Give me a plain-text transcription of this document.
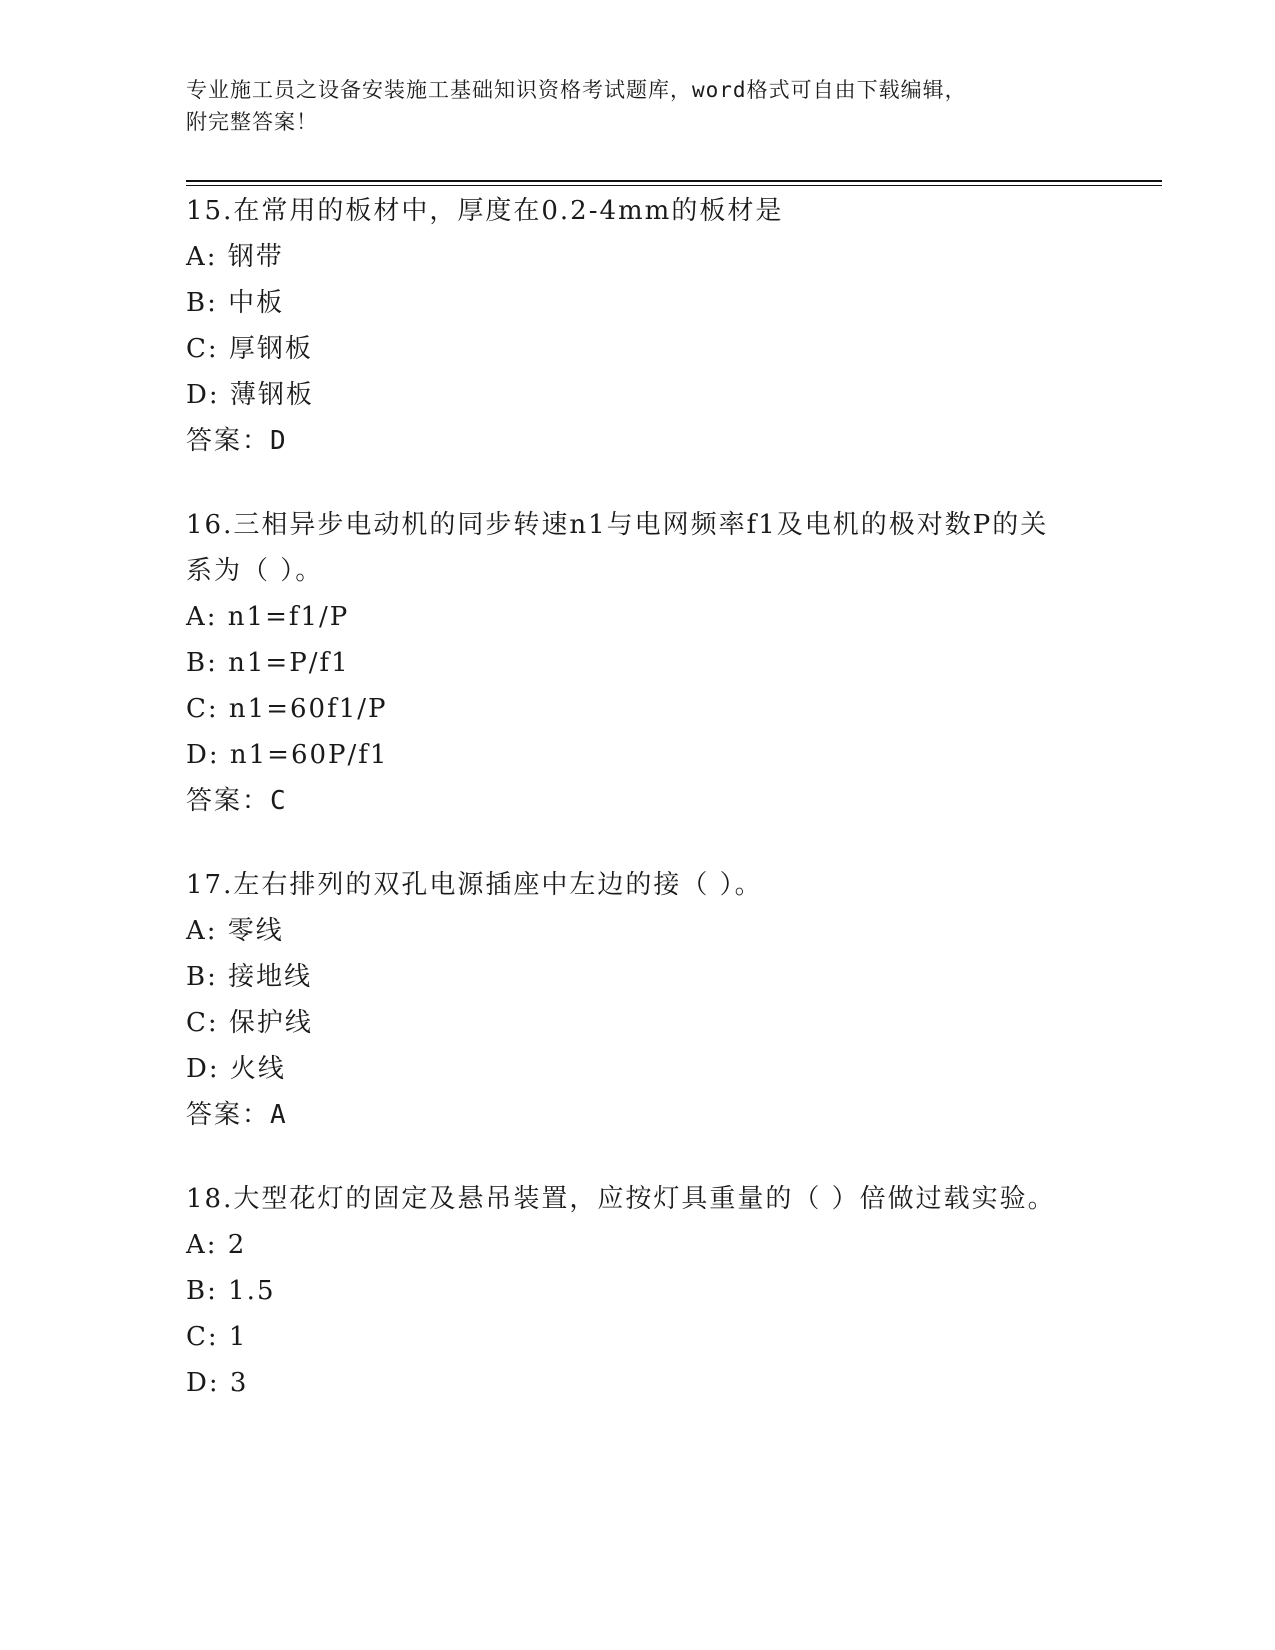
专业施工员之设备安装施工基础知识资格考试题库，word格式可自由下载编辑，
附完整答案！

15.在常用的板材中，厚度在0.2-4mm的板材是

A: 钢带

B: 中板

C: 厚钢板

D: 薄钢板

答案：D

16.三相异步电动机的同步转速n1与电网频率f1及电机的极对数P的关系为（ ）。

A: n1=f1/P

B: n1=P/f1

C: n1=60f1/P

D: n1=60P/f1

答案：C

17.左右排列的双孔电源插座中左边的接（ ）。

A: 零线

B: 接地线

C: 保护线

D: 火线

答案：A

18.大型花灯的固定及悬吊装置，应按灯具重量的（ ）倍做过载实验。

A: 2

B: 1.5

C: 1

D: 3
